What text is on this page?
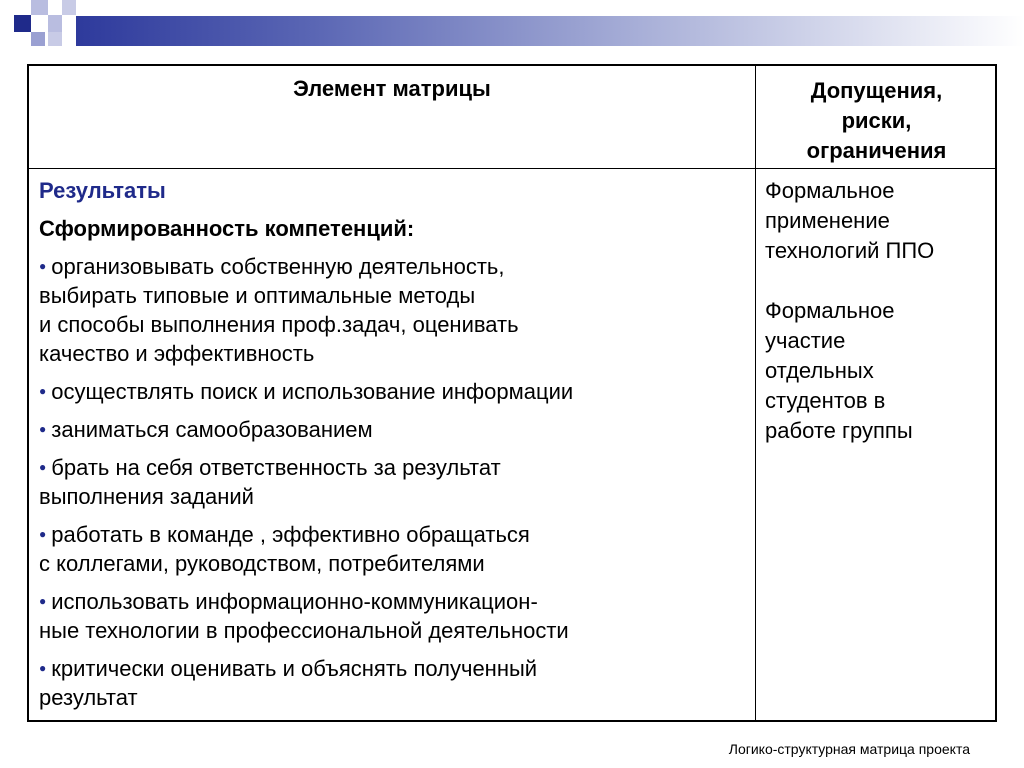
Элемент матрицы	Допущения,
риски,
ограничения
Результаты
Сформированность компетенций:
● организовывать собственную деятельность,
выбирать типовые и оптимальные методы
и способы выполнения проф.задач, оценивать
качество и эффективность
● осуществлять поиск и использование информации
● заниматься самообразованием
● брать на себя ответственность за результат
выполнения заданий
● работать в команде , эффективно обращаться
с коллегами, руководством, потребителями
● использовать информационно-коммуникацион-
ные технологии в профессиональной деятельности
● критически оценивать и объяснять полученный
результат
Формальное
применение
технологий ППО
Формальное
участие
отдельных
студентов в
работе группы
Логико-структурная матрица проекта
